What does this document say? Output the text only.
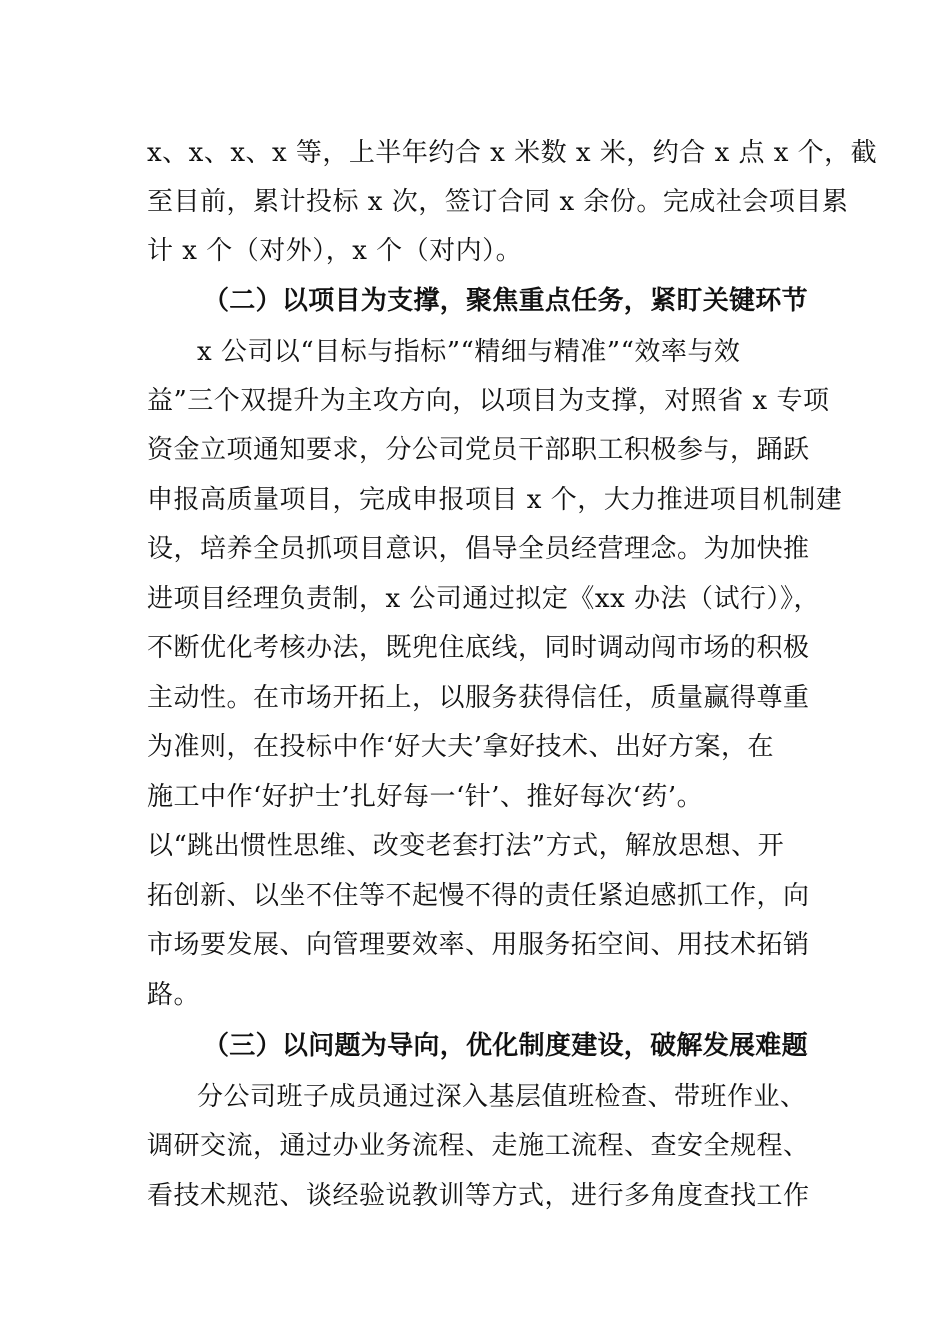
x、x、x、x 等，上半年约合 x 米数 x 米，约合 x 点 x 个，截
至目前，累计投标 x 次，签订合同 x 余份。完成社会项目累
计 x 个（对外），x 个（对内）。
（二）以项目为支撑，聚焦重点任务，紧盯关键环节
x 公司以“目标与指标”“精细与精准”“效率与效
益”三个双提升为主攻方向，以项目为支撑，对照省 x 专项
资金立项通知要求，分公司党员干部职工积极参与，踊跃
申报高质量项目，完成申报项目 x 个，大力推进项目机制建
设，培养全员抓项目意识，倡导全员经营理念。为加快推
进项目经理负责制，x 公司通过拟定《xx 办法（试行）》，
不断优化考核办法，既兜住底线，同时调动闯市场的积极
主动性。在市场开拓上，以服务获得信任，质量赢得尊重
为准则，在投标中作‘好大夫’拿好技术、出好方案，在
施工中作‘好护士’扎好每一‘针’、推好每次‘药’。
以“跳出惯性思维、改变老套打法”方式，解放思想、开
拓创新、以坐不住等不起慢不得的责任紧迫感抓工作，向
市场要发展、向管理要效率、用服务拓空间、用技术拓销
路。
（三）以问题为导向，优化制度建设，破解发展难题
分公司班子成员通过深入基层值班检查、带班作业、
调研交流，通过办业务流程、走施工流程、查安全规程、
看技术规范、谈经验说教训等方式，进行多角度查找工作
